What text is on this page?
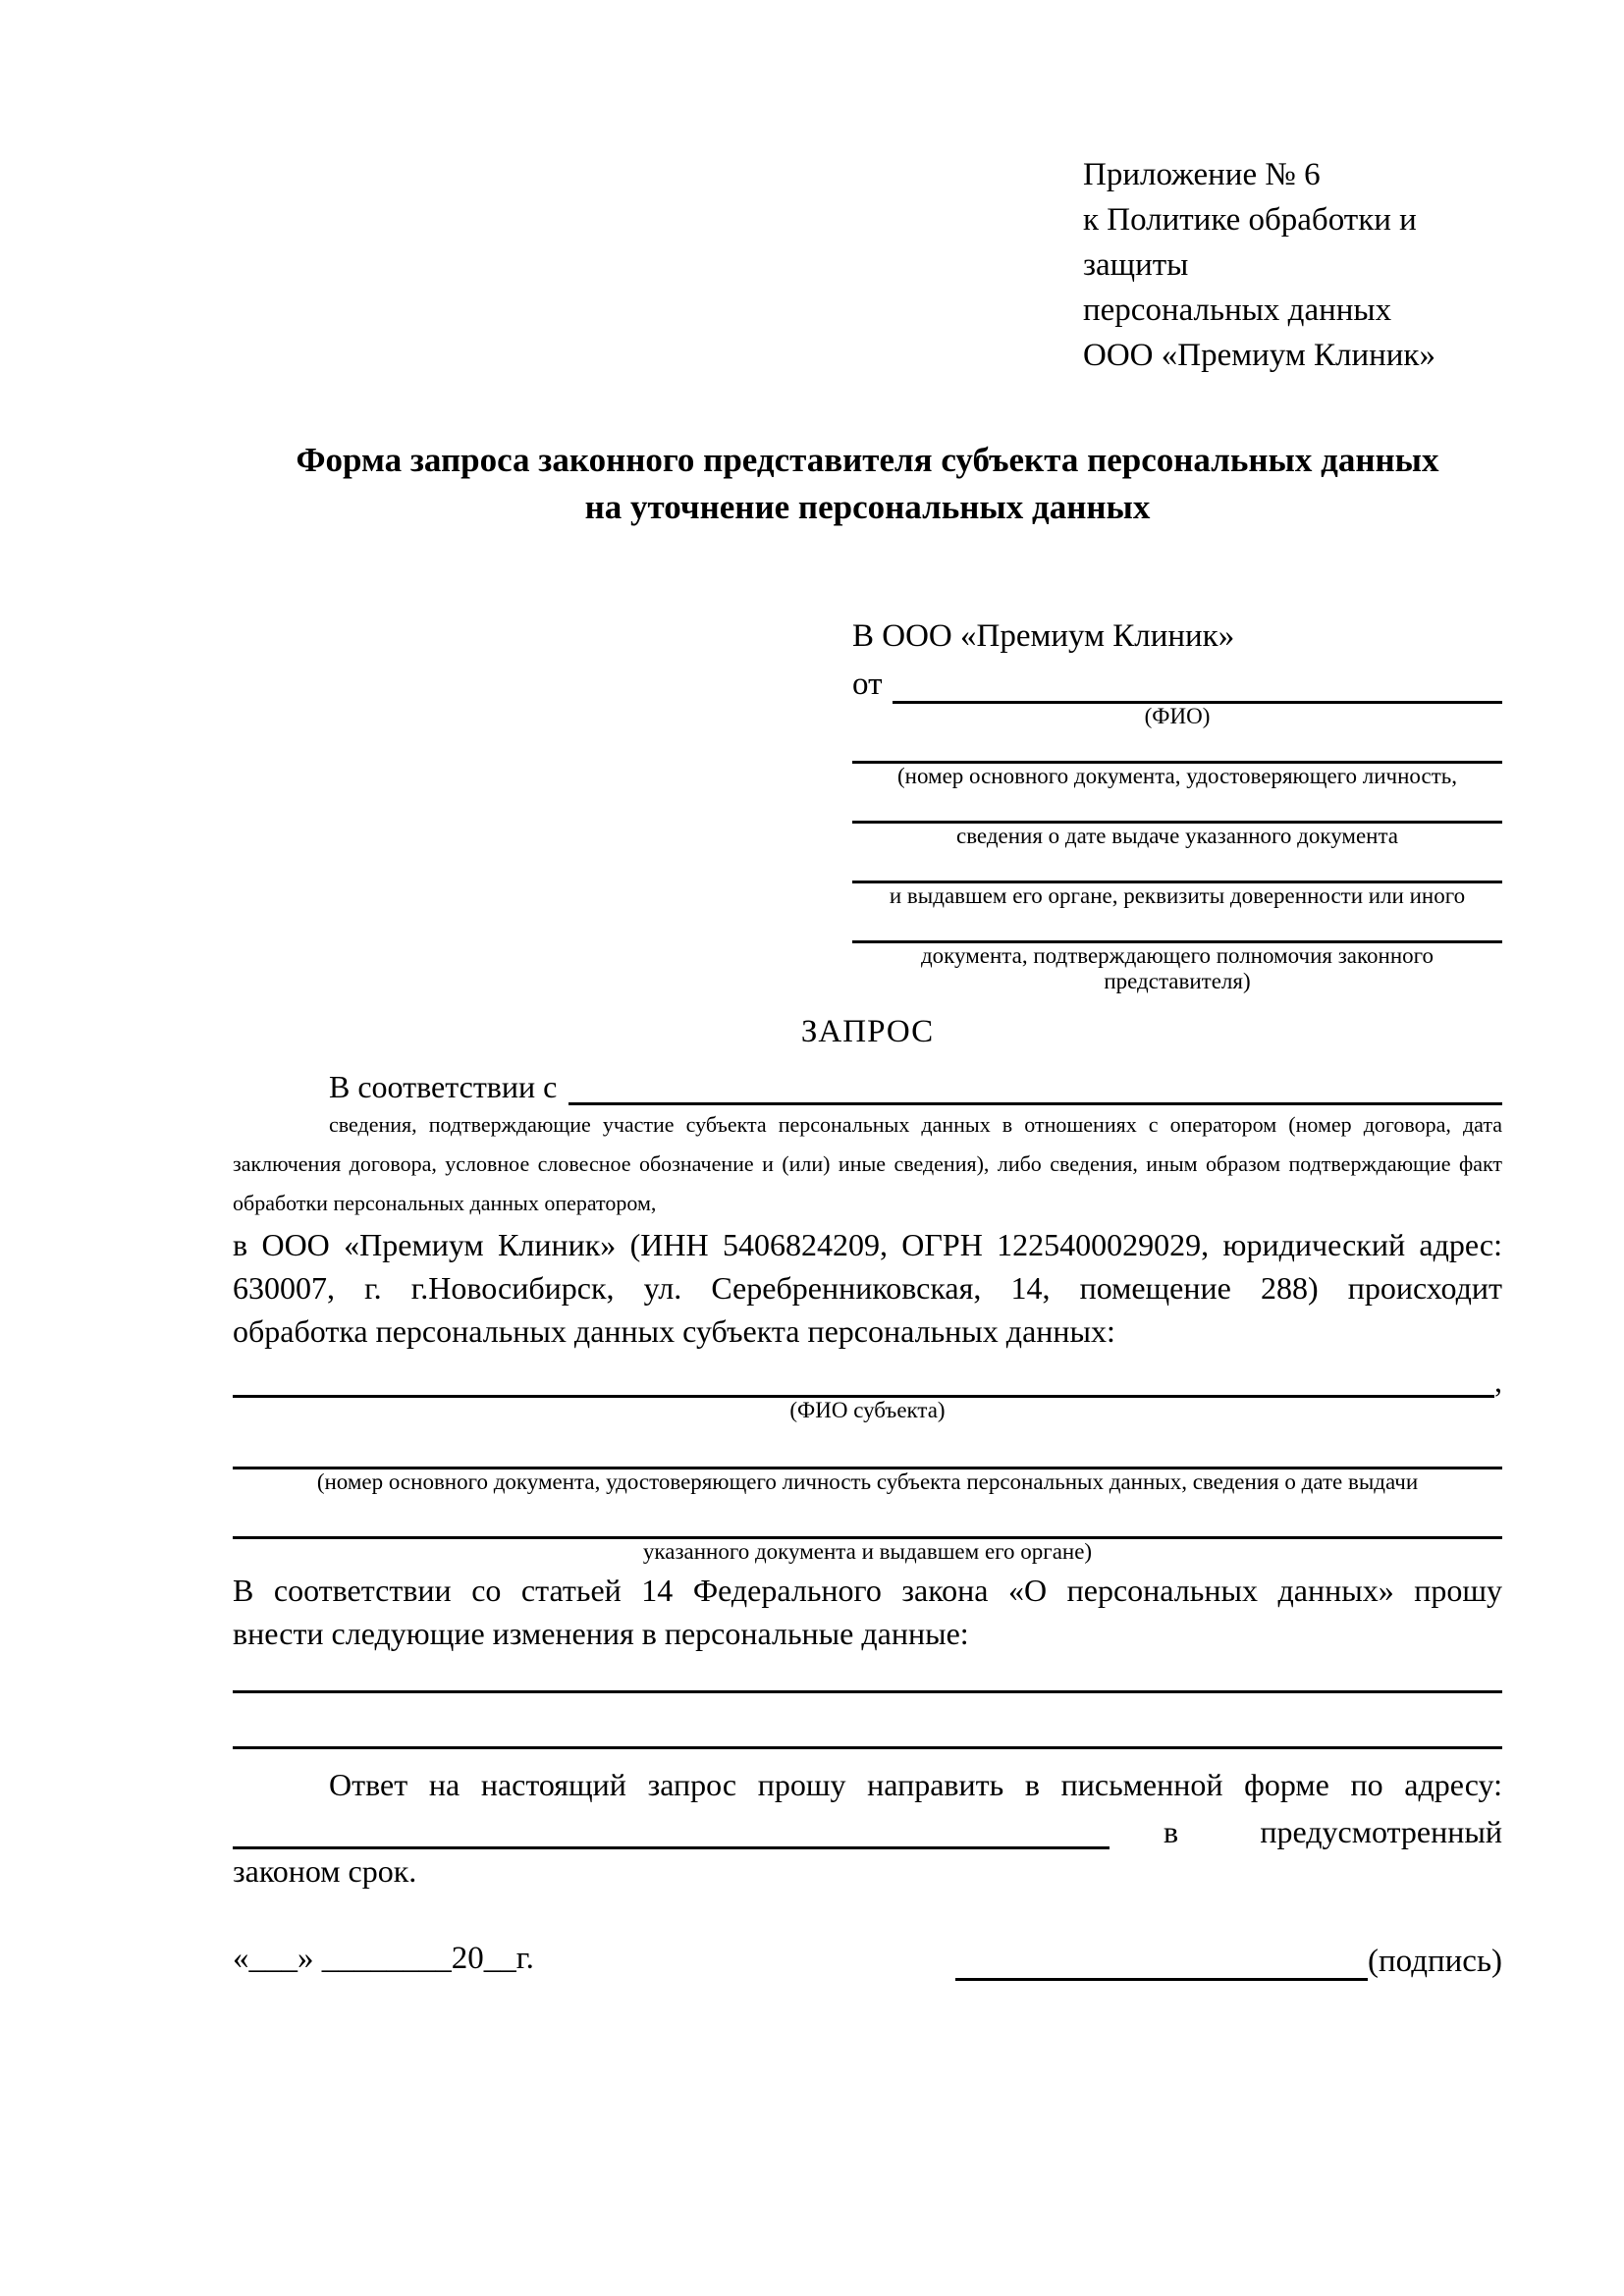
Приложение № 6
к Политике обработки и защиты
персональных данных
ООО «Премиум Клиник»
Форма запроса законного представителя субъекта персональных данных
на уточнение персональных данных
В ООО «Премиум Клиник»
от
(ФИО)
(номер основного документа, удостоверяющего личность,
сведения о дате выдаче указанного документа
и выдавшем его органе, реквизиты доверенности или иного
документа, подтверждающего полномочия законного представителя)
ЗАПРОС
В соответствии с
сведения, подтверждающие участие субъекта персональных данных в отношениях с оператором (номер договора, дата
заключения договора, условное словесное обозначение и (или) иные сведения), либо сведения, иным образом подтверждающие факт
обработки персональных данных оператором,
в ООО «Премиум Клиник» (ИНН 5406824209, ОГРН 1225400029029, юридический адрес:
630007, г. г.Новосибирск, ул. Серебренниковская, 14, помещение 288) происходит
обработка персональных данных субъекта персональных данных:
,
(ФИО субъекта)
(номер основного документа, удостоверяющего личность субъекта персональных данных, сведения о дате выдачи
указанного документа и выдавшем его органе)
В соответствии со статьей 14 Федерального закона «О персональных данных» прошу
внести следующие изменения в персональные данные:
Ответ на настоящий запрос прошу направить в письменной форме по адресу:
в	предусмотренный
законом срок.
«___» ________20__г.	(подпись)
